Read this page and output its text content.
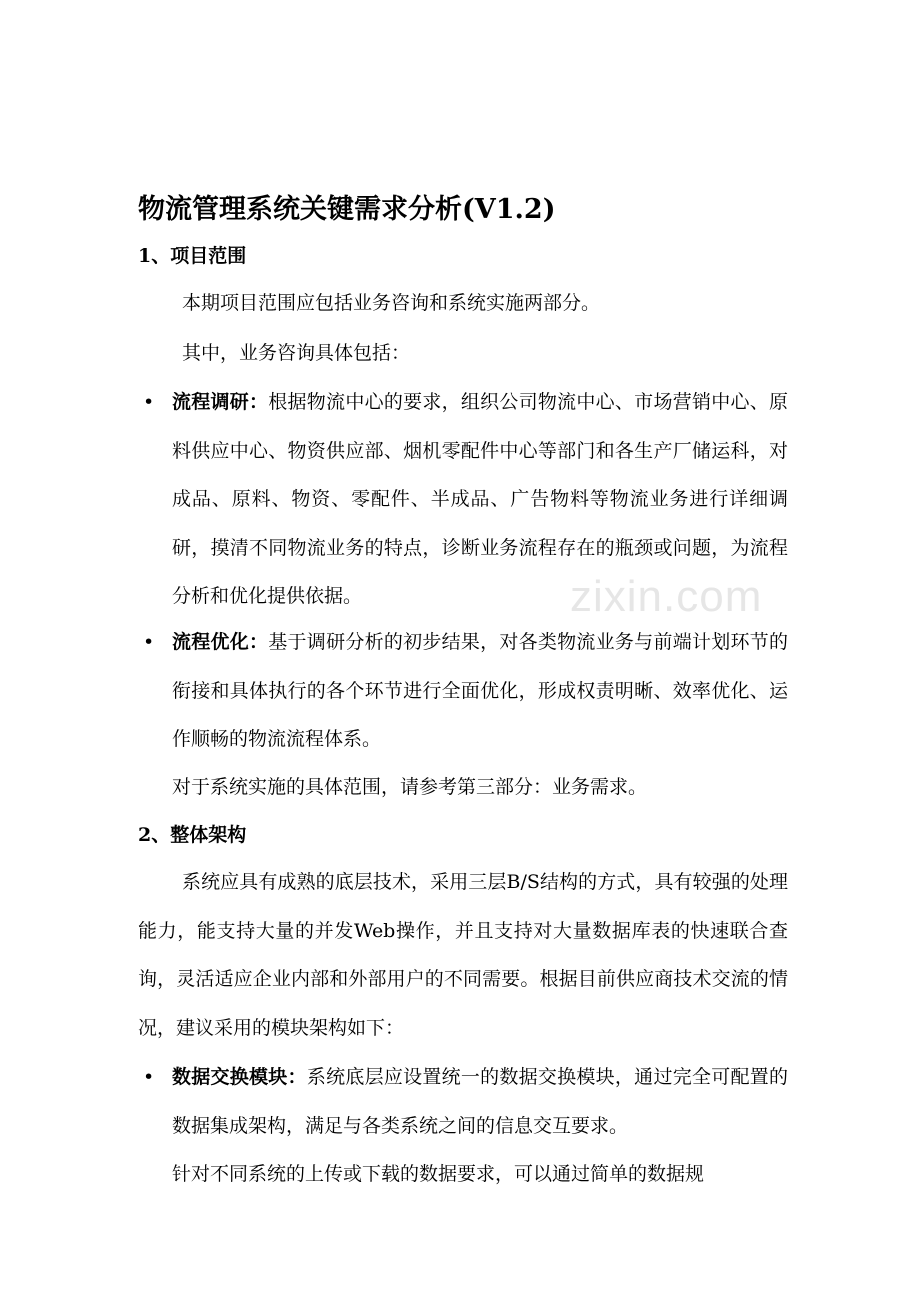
zixin.com
物流管理系统关键需求分析(V1.2)
1、项目范围
本期项目范围应包括业务咨询和系统实施两部分。
其中，业务咨询具体包括：
• 流程调研：根据物流中心的要求，组织公司物流中心、市场营销中心、原料供应中心、物资供应部、烟机零配件中心等部门和各生产厂储运科，对成品、原料、物资、零配件、半成品、广告物料等物流业务进行详细调研，摸清不同物流业务的特点，诊断业务流程存在的瓶颈或问题，为流程分析和优化提供依据。
• 流程优化：基于调研分析的初步结果，对各类物流业务与前端计划环节的衔接和具体执行的各个环节进行全面优化，形成权责明晰、效率优化、运作顺畅的物流流程体系。
对于系统实施的具体范围，请参考第三部分：业务需求。
2、整体架构
系统应具有成熟的底层技术，采用三层B/S结构的方式，具有较强的处理能力，能支持大量的并发Web操作，并且支持对大量数据库表的快速联合查询，灵活适应企业内部和外部用户的不同需要。根据目前供应商技术交流的情况，建议采用的模块架构如下：
• 数据交换模块：系统底层应设置统一的数据交换模块，通过完全可配置的数据集成架构，满足与各类系统之间的信息交互要求。
针对不同系统的上传或下载的数据要求，可以通过简单的数据规
